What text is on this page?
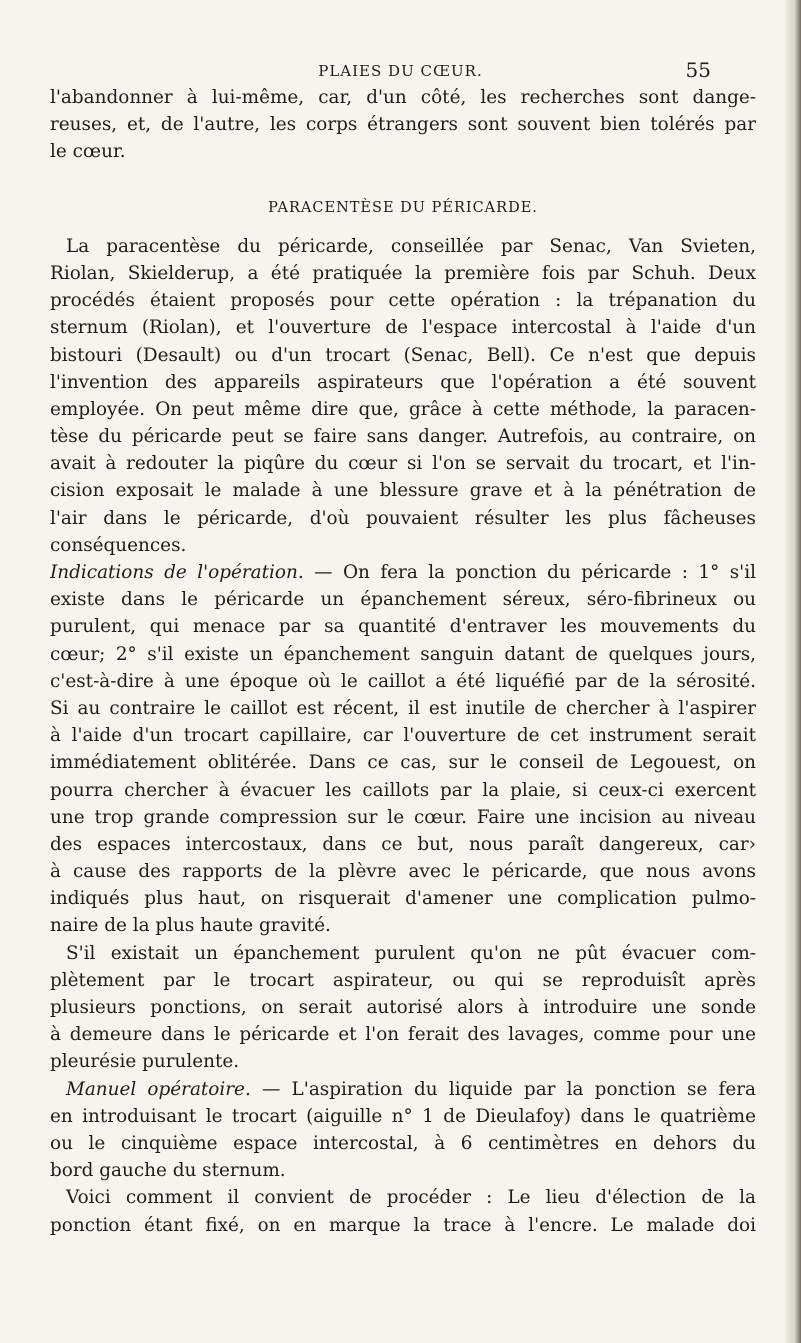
PLAIES DU CŒUR.	55
l'abandonner à lui-même, car, d'un côté, les recherches sont dange-
reuses, et, de l'autre, les corps étrangers sont souvent bien tolérés par
le cœur.
PARACENTÈSE DU PÉRICARDE.
La paracentèse du péricarde, conseillée par Senac, Van Svieten,
Riolan, Skielderup, a été pratiquée la première fois par Schuh. Deux
procédés étaient proposés pour cette opération : la trépanation du
sternum (Riolan), et l'ouverture de l'espace intercostal à l'aide d'un
bistouri (Desault) ou d'un trocart (Senac, Bell). Ce n'est que depuis
l'invention des appareils aspirateurs que l'opération a été souvent
employée. On peut même dire que, grâce à cette méthode, la paracen-
tèse du péricarde peut se faire sans danger. Autrefois, au contraire, on
avait à redouter la piqûre du cœur si l'on se servait du trocart, et l'in-
cision exposait le malade à une blessure grave et à la pénétration de
l'air dans le péricarde, d'où pouvaient résulter les plus fâcheuses
conséquences.
Indications de l'opération. — On fera la ponction du péricarde : 1° s'il
existe dans le péricarde un épanchement séreux, séro-fibrineux ou
purulent, qui menace par sa quantité d'entraver les mouvements du
cœur; 2° s'il existe un épanchement sanguin datant de quelques jours,
c'est-à-dire à une époque où le caillot a été liquéfié par de la sérosité.
Si au contraire le caillot est récent, il est inutile de chercher à l'aspirer
à l'aide d'un trocart capillaire, car l'ouverture de cet instrument serait
immédiatement oblitérée. Dans ce cas, sur le conseil de Legouest, on
pourra chercher à évacuer les caillots par la plaie, si ceux-ci exercent
une trop grande compression sur le cœur. Faire une incision au niveau
des espaces intercostaux, dans ce but, nous paraît dangereux, car›
à cause des rapports de la plèvre avec le péricarde, que nous avons
indiqués plus haut, on risquerait d'amener une complication pulmo-
naire de la plus haute gravité.
S'il existait un épanchement purulent qu'on ne pût évacuer com-
plètement par le trocart aspirateur, ou qui se reproduisît après
plusieurs ponctions, on serait autorisé alors à introduire une sonde
à demeure dans le péricarde et l'on ferait des lavages, comme pour une
pleurésie purulente.
Manuel opératoire. — L'aspiration du liquide par la ponction se fera
en introduisant le trocart (aiguille n° 1 de Dieulafoy) dans le quatrième
ou le cinquième espace intercostal, à 6 centimètres en dehors du
bord gauche du sternum.
Voici comment il convient de procéder : Le lieu d'élection de la
ponction étant fixé, on en marque la trace à l'encre. Le malade doi
